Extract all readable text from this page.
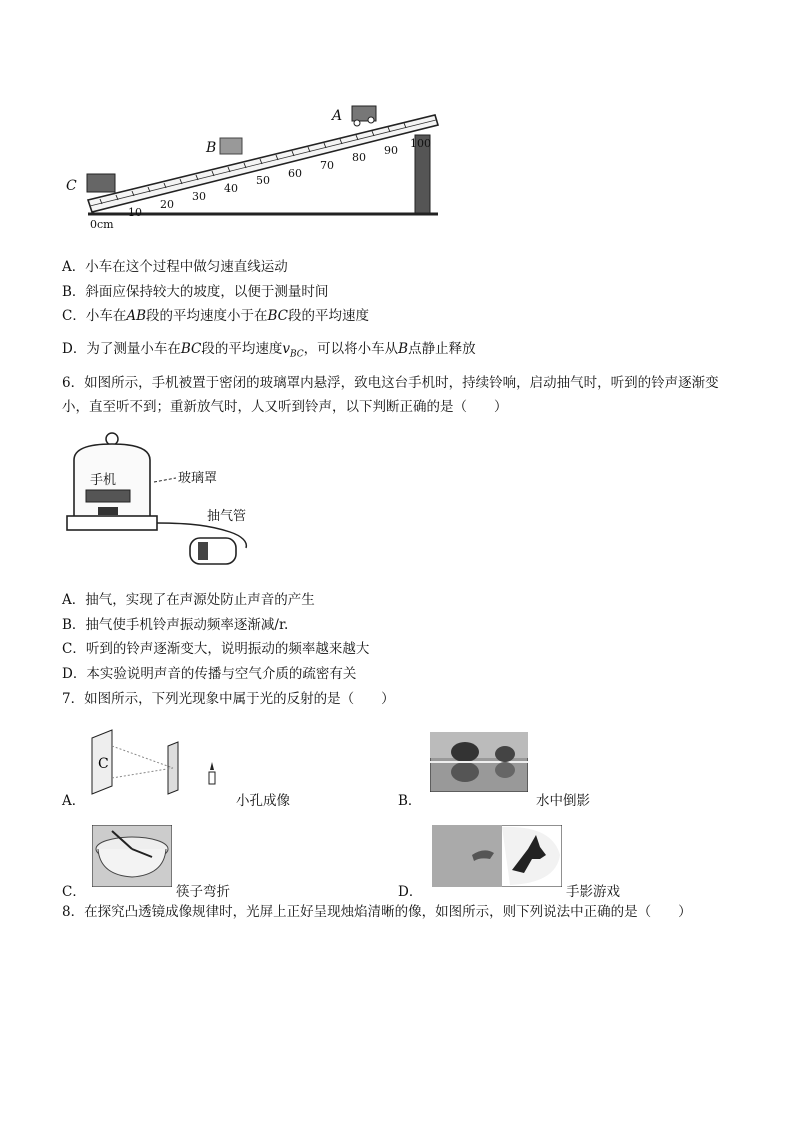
0cm
10
20
30
40
50
60
70
80
90
100
A
B
C
A．小车在这个过程中做匀速直线运动
B．斜面应保持较大的坡度，以便于测量时间
C．小车在AB段的平均速度小于在BC段的平均速度
D．为了测量小车在BC段的平均速度$v_{BC}$，可以将小车从B点静止释放
6．如图所示，手机被置于密闭的玻璃罩内悬浮，致电这台手机时，持续铃响，启动抽气时，听到的铃声逐渐变小，直至听不到；重新放气时，人又听到铃声，以下判断正确的是（　　）
手机	玻璃罩
抽气管
A．抽气，实现了在声源处防止声音的产生
B．抽气使手机铃声振动频率逐渐减/r.
C．听到的铃声逐渐变大，说明振动的频率越来越大
D．本实验说明声音的传播与空气介质的疏密有关
7．如图所示，下列光现象中属于光的反射的是（　　）
C
A．	小孔成像	B．	水中倒影
C．	筷子弯折	D．	手影游戏
8．在探究凸透镜成像规律时，光屏上正好呈现烛焰清晰的像，如图所示，则下列说法中正确的是（　　）
